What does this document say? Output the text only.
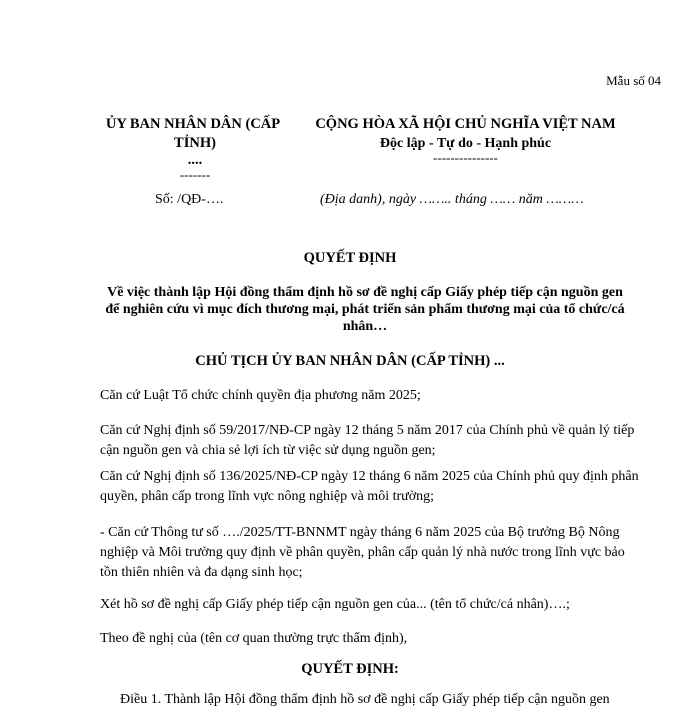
Mẫu số 04
ỦY BAN NHÂN DÂN (CẤP
TỈNH)
....
-------
CỘNG HÒA XÃ HỘI CHỦ NGHĨA VIỆT NAM
Độc lập - Tự do - Hạnh phúc
---------------
Số: /QĐ-….	(Địa danh), ngày …….. tháng …… năm ………
QUYẾT ĐỊNH
Về việc thành lập Hội đồng thẩm định hồ sơ đề nghị cấp Giấy phép tiếp cận nguồn gen để nghiên cứu vì mục đích thương mại, phát triển sản phẩm thương mại của tổ chức/cá nhân…
CHỦ TỊCH ỦY BAN NHÂN DÂN (CẤP TỈNH) ...
Căn cứ Luật Tổ chức chính quyền địa phương năm 2025;
Căn cứ Nghị định số 59/2017/NĐ-CP ngày 12 tháng 5 năm 2017 của Chính phủ về quản lý tiếp cận nguồn gen và chia sẻ lợi ích từ việc sử dụng nguồn gen;
Căn cứ Nghị định số 136/2025/NĐ-CP ngày 12 tháng 6 năm 2025 của Chính phủ quy định phân quyền, phân cấp trong lĩnh vực nông nghiệp và môi trường;
- Căn cứ Thông tư số …./2025/TT-BNNMT ngày tháng 6 năm 2025 của Bộ trưởng Bộ Nông nghiệp và Môi trường quy định về phân quyền, phân cấp quản lý nhà nước trong lĩnh vực bảo tồn thiên nhiên và đa dạng sinh học;
Xét hồ sơ đề nghị cấp Giấy phép tiếp cận nguồn gen của... (tên tổ chức/cá nhân)….;
Theo đề nghị của (tên cơ quan thường trực thẩm định),
QUYẾT ĐỊNH:
Điều 1. Thành lập Hội đồng thẩm định hồ sơ đề nghị cấp Giấy phép tiếp cận nguồn gen
